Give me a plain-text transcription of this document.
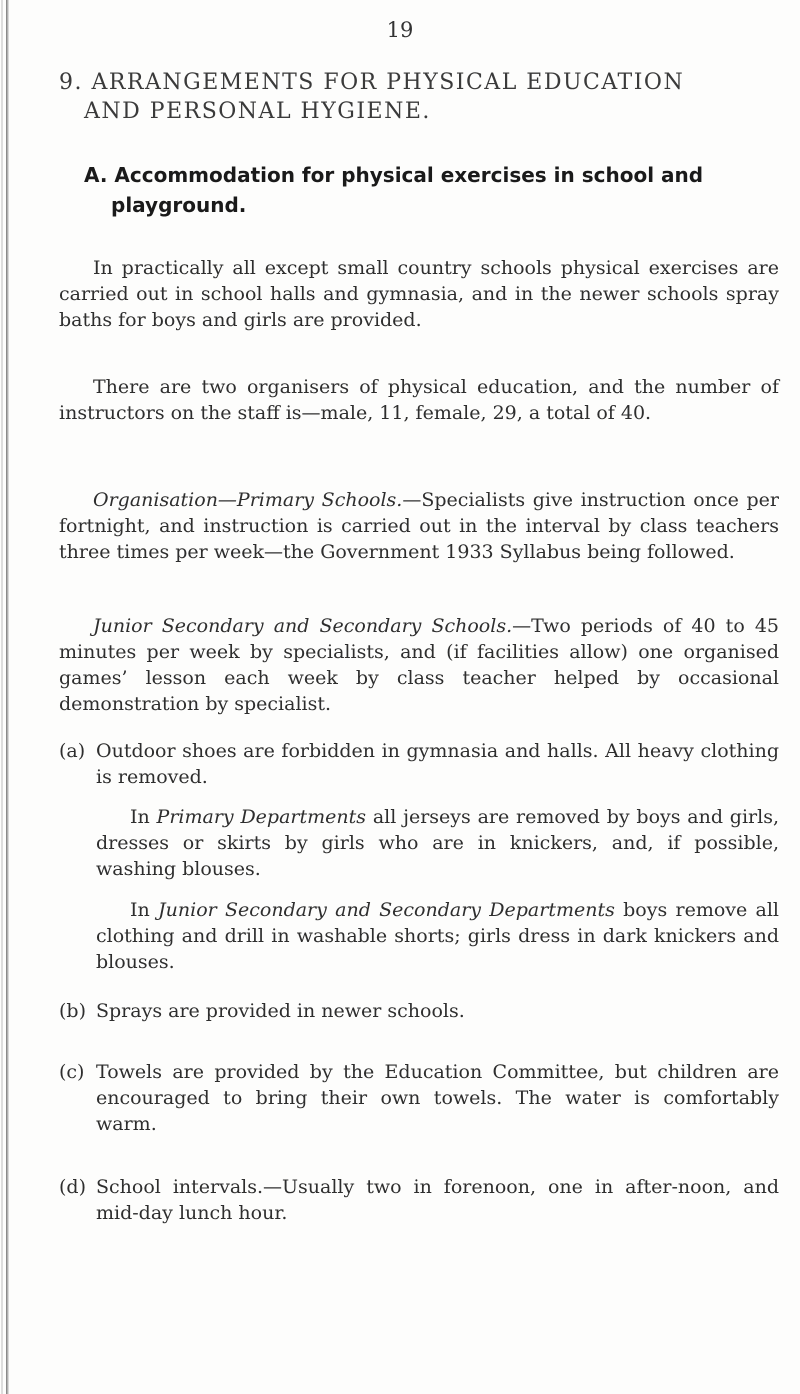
19
9. ARRANGEMENTS FOR PHYSICAL EDUCATION
AND PERSONAL HYGIENE.
A. Accommodation for physical exercises in school and
playground.
In practically all except small country schools physical exercises are carried out in school halls and gymnasia, and in the newer schools spray baths for boys and girls are provided.
There are two organisers of physical education, and the number of instructors on the staff is—male, 11, female, 29, a total of 40.
Organisation—Primary Schools.—Specialists give instruction once per fortnight, and instruction is carried out in the interval by class teachers three times per week—the Government 1933 Syllabus being followed.
Junior Secondary and Secondary Schools.—Two periods of 40 to 45 minutes per week by specialists, and (if facilities allow) one organised games’ lesson each week by class teacher helped by occasional demonstration by specialist.
(a) Outdoor shoes are forbidden in gymnasia and halls. All heavy clothing is removed.
In Primary Departments all jerseys are removed by boys and girls, dresses or skirts by girls who are in knickers, and, if possible, washing blouses.
In Junior Secondary and Secondary Departments boys remove all clothing and drill in washable shorts; girls dress in dark knickers and blouses.
(b) Sprays are provided in newer schools.
(c) Towels are provided by the Education Committee, but children are encouraged to bring their own towels. The water is comfortably warm.
(d) School intervals.—Usually two in forenoon, one in after-noon, and mid-day lunch hour.
